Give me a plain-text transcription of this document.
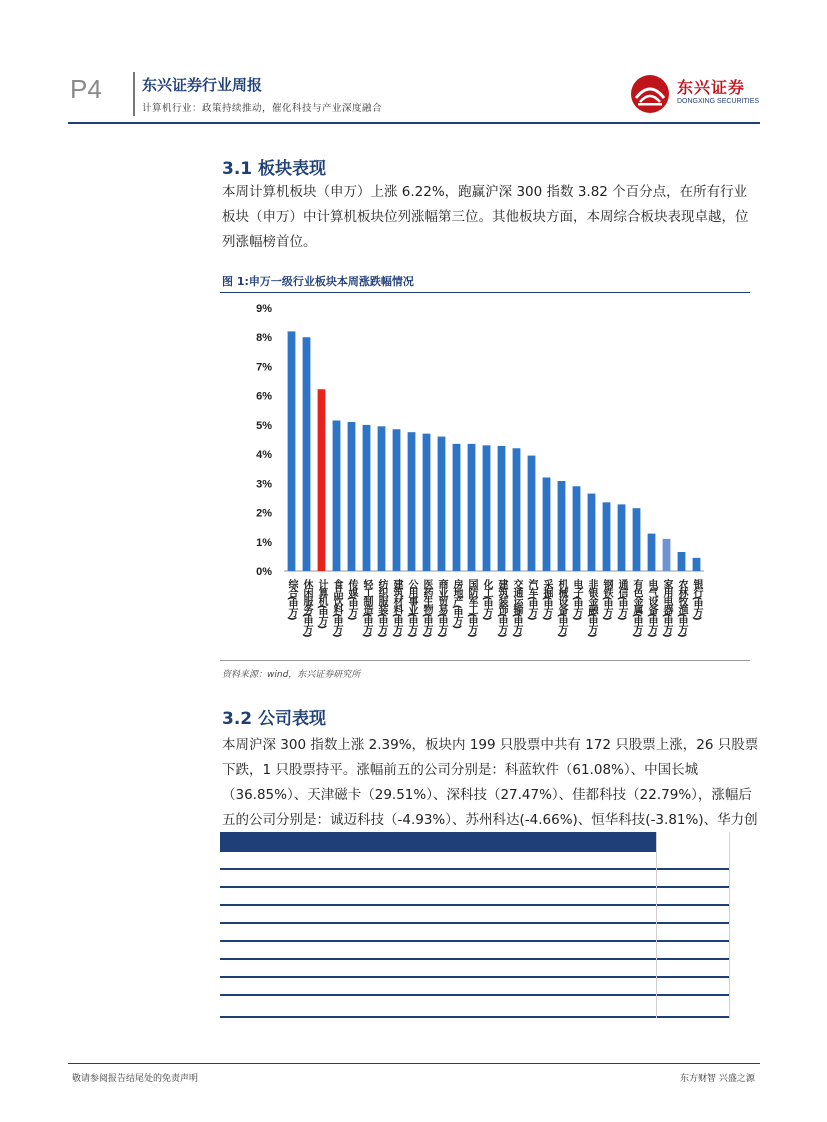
P4	东兴证券行业周报
计算机行业：政策持续推动，催化科技与产业深度融合
东兴证券
DONGXING SECURITIES
3.1 板块表现
本周计算机板块（申万）上涨 6.22%，跑赢沪深 300 指数 3.82 个百分点，在所有行业板块（申万）中计算机板块位列涨幅第三位。其他板块方面，本周综合板块表现卓越，位列涨幅榜首位。
图 1:申万一级行业板块本周涨跌幅情况
0%
1%
2%
3%
4%
5%
6%
7%
8%
9%
综合(申万) 休闲服务(申万) 计算机(申万) 食品饮料(申万) 传媒(申万) 轻工制造(申万) 纺织服装(申万) 建筑材料(申万) 公用事业(申万) 医药生物(申万) 商业贸易(申万) 房地产(申万) 国防军工(申万) 化工(申万) 建筑装饰(申万) 交通运输(申万) 汽车(申万) 采掘(申万) 机械设备(申万) 电子(申万) 非银金融(申万) 钢铁(申万) 通信(申万) 有色金属(申万) 电气设备(申万) 家用电器(申万) 农林牧渔(申万) 银行(申万)
资料来源：wind，东兴证券研究所
3.2 公司表现
本周沪深 300 指数上涨 2.39%，板块内 199 只股票中共有 172 只股票上涨，26 只股票下跌，1 只股票持平。涨幅前五的公司分别是：科蓝软件（61.08%）、中国长城（36.85%）、天津磁卡（29.51%）、深科技（27.47%）、佳都科技（22.79%），涨幅后五的公司分别是：诚迈科技（-4.93%）、苏州科达(-4.66%)、恒华科技(-3.81%)、华力创
敬请参阅报告结尾处的免责声明	东方财智 兴盛之源
